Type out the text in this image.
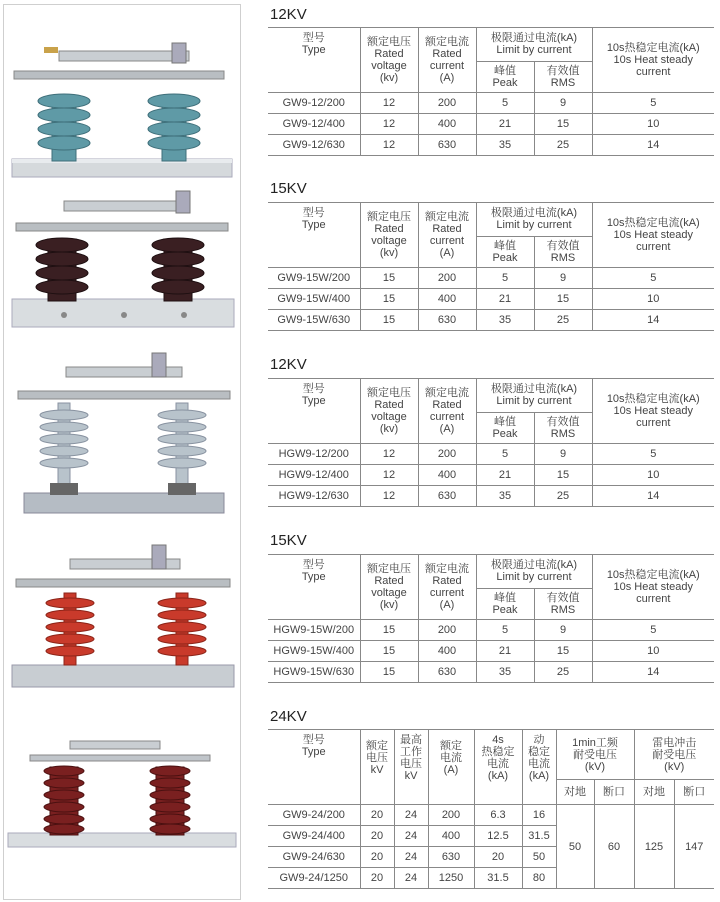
12KV
型号
Type	额定电压
Rated
voltage
(kv)	额定电流
Rated
current
(A)	极限通过电流(kA)
Limit by current		10s热稳定电流(kA)
10s Heat steady
current

			峰值
Peak	有效值
RMS	

GW9-12/200	12	200	5	9	5
GW9-12/400	12	400	21	15	10
GW9-12/630	12	630	35	25	14
15KV
型号
Type	额定电压
Rated
voltage
(kv)	额定电流
Rated
current
(A)	极限通过电流(kA)
Limit by current		10s热稳定电流(kA)
10s Heat steady
current

			峰值
Peak	有效值
RMS	

GW9-15W/200	15	200	5	9	5
GW9-15W/400	15	400	21	15	10
GW9-15W/630	15	630	35	25	14
12KV
型号
Type	额定电压
Rated
voltage
(kv)	额定电流
Rated
current
(A)	极限通过电流(kA)
Limit by current		10s热稳定电流(kA)
10s Heat steady
current

			峰值
Peak	有效值
RMS	

HGW9-12/200	12	200	5	9	5
HGW9-12/400	12	400	21	15	10
HGW9-12/630	12	630	35	25	14
15KV
型号
Type	额定电压
Rated
voltage
(kv)	额定电流
Rated
current
(A)	极限通过电流(kA)
Limit by current		10s热稳定电流(kA)
10s Heat steady
current

			峰值
Peak	有效值
RMS	

HGW9-15W/200	15	200	5	9	5
HGW9-15W/400	15	400	21	15	10
HGW9-15W/630	15	630	35	25	14
24KV
型号
Type	额定
电压
kV	最高
工作
电压
kV	额定
电流
(A)	4s
热稳定
电流
(kA)	动
稳定
电流
(kA)	1min工频
耐受电压
(kV)		雷电冲击
耐受电压
(kV)	

						对地	断口	对地	断口
GW9-24/200	20	24	200	6.3	16	50	60	125	147
GW9-24/400	20	24	400	12.5	31.5				
GW9-24/630	20	24	630	20	50				
GW9-24/1250	20	24	1250	31.5	80				
